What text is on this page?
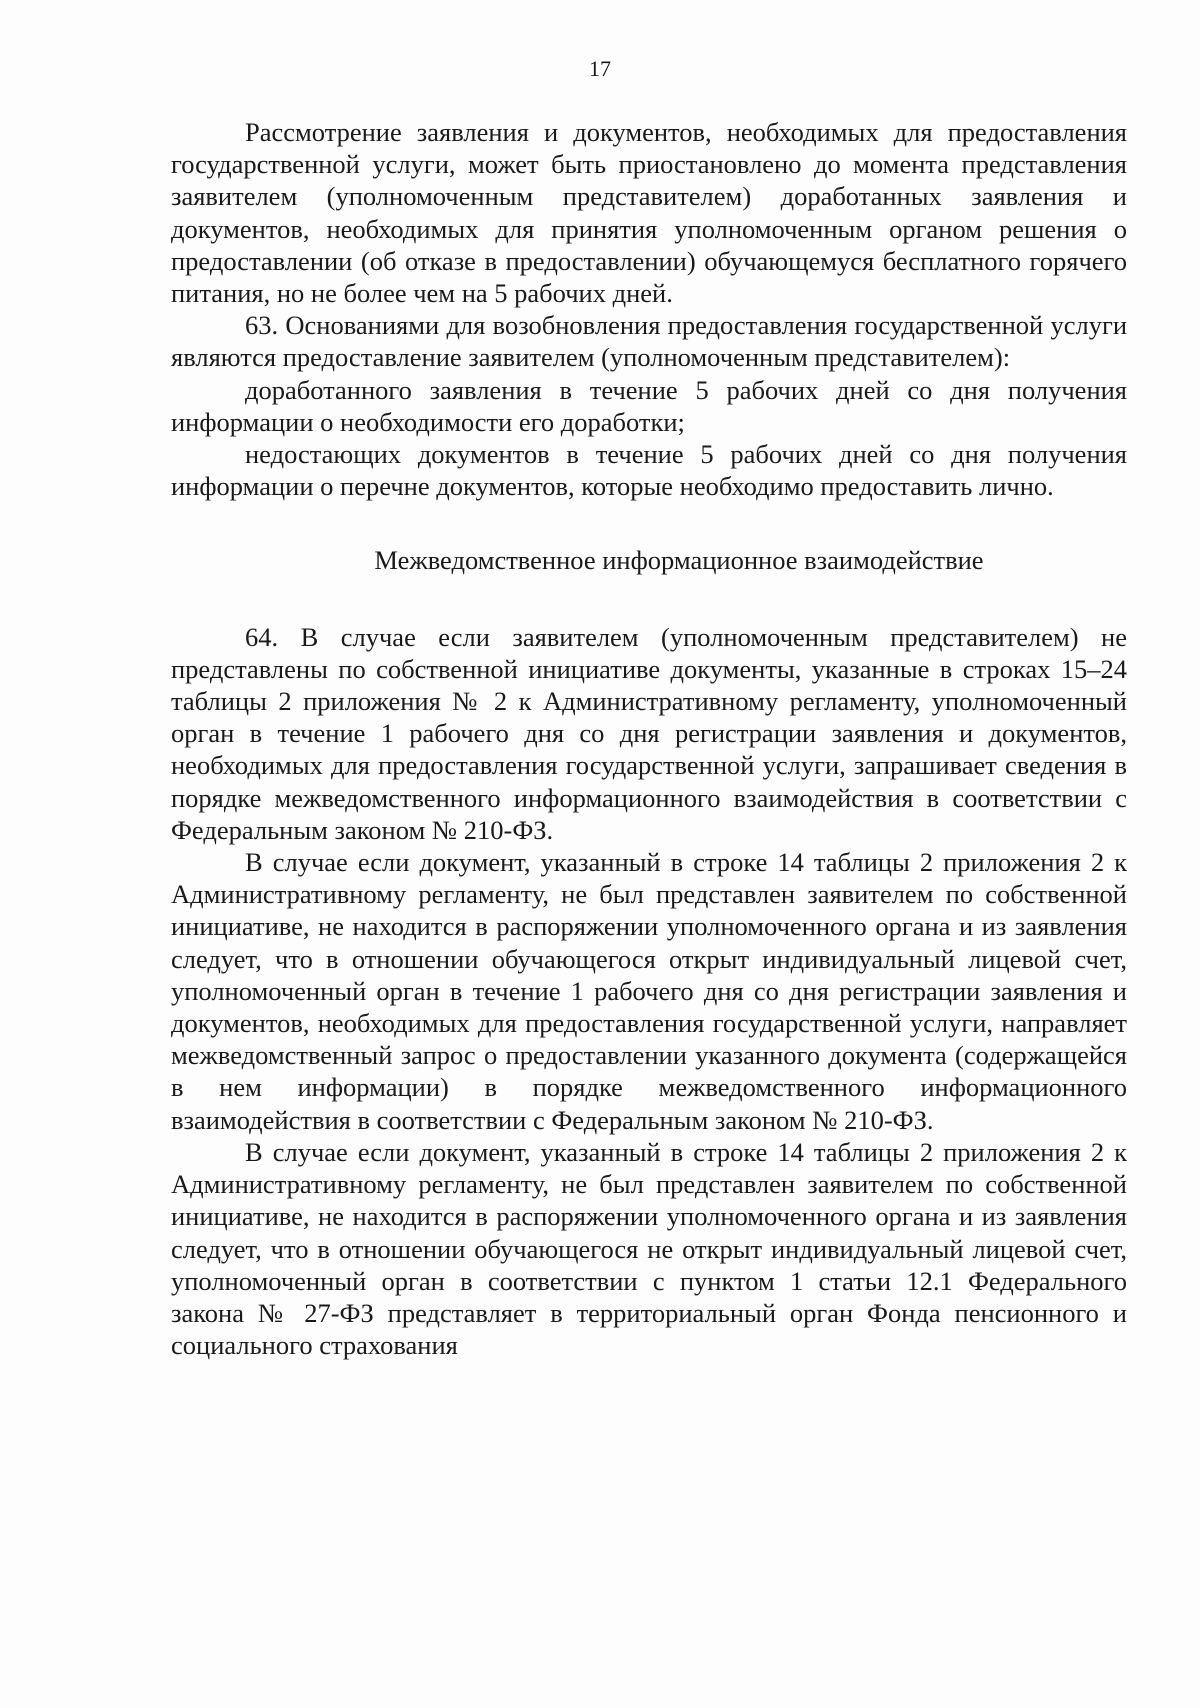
17

Рассмотрение заявления и документов, необходимых для предоставления государственной услуги, может быть приостановлено до момента представления заявителем (уполномоченным представителем) доработанных заявления и документов, необходимых для принятия уполномоченным органом решения о предоставлении (об отказе в предоставлении) обучающемуся бесплатного горячего питания, но не более чем на 5 рабочих дней.

63. Основаниями для возобновления предоставления государственной услуги являются предоставление заявителем (уполномоченным представителем):

доработанного заявления в течение 5 рабочих дней со дня получения информации о необходимости его доработки;

недостающих документов в течение 5 рабочих дней со дня получения информации о перечне документов, которые необходимо предоставить лично.

Межведомственное информационное взаимодействие

64. В случае если заявителем (уполномоченным представителем) не представлены по собственной инициативе документы, указанные в строках 15–24 таблицы 2 приложения № 2 к Административному регламенту, уполномоченный орган в течение 1 рабочего дня со дня регистрации заявления и документов, необходимых для предоставления государственной услуги, запрашивает сведения в порядке межведомственного информационного взаимодействия в соответствии с Федеральным законом № 210-ФЗ.

В случае если документ, указанный в строке 14 таблицы 2 приложения 2 к Административному регламенту, не был представлен заявителем по собственной инициативе, не находится в распоряжении уполномоченного органа и из заявления следует, что в отношении обучающегося открыт индивидуальный лицевой счет, уполномоченный орган в течение 1 рабочего дня со дня регистрации заявления и документов, необходимых для предоставления государственной услуги, направляет межведомственный запрос о предоставлении указанного документа (содержащейся в нем информации) в порядке межведомственного информационного взаимодействия в соответствии с Федеральным законом № 210-ФЗ.

В случае если документ, указанный в строке 14 таблицы 2 приложения 2 к Административному регламенту, не был представлен заявителем по собственной инициативе, не находится в распоряжении уполномоченного органа и из заявления следует, что в отношении обучающегося не открыт индивидуальный лицевой счет, уполномоченный орган в соответствии с пунктом 1 статьи 12.1 Федерального закона № 27-ФЗ представляет в территориальный орган Фонда пенсионного и социального страхования
